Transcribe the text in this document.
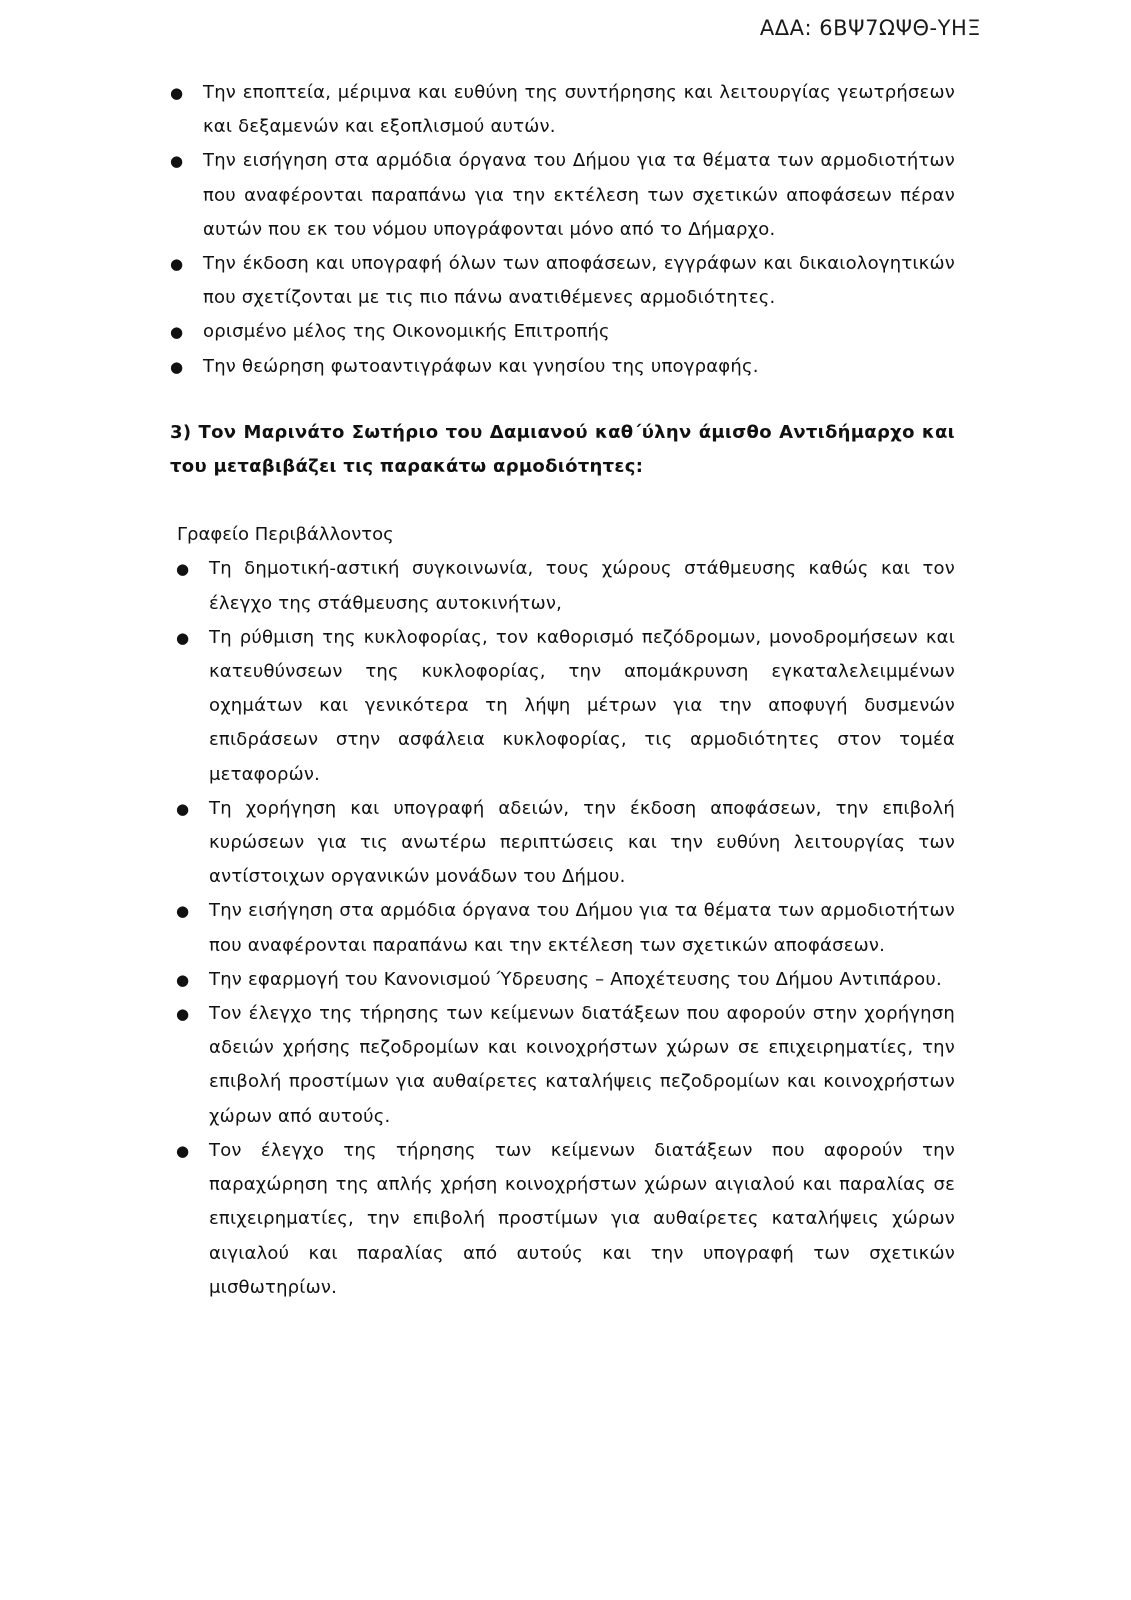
ΑΔΑ: 6ΒΨ7ΩΨΘ-ΥΗΞ
● Την εποπτεία, μέριμνα και ευθύνη της συντήρησης και λειτουργίας γεωτρήσεων και δεξαμενών και εξοπλισμού αυτών.
● Την εισήγηση στα αρμόδια όργανα του Δήμου για τα θέματα των αρμοδιοτήτων που αναφέρονται παραπάνω για την εκτέλεση των σχετικών αποφάσεων πέραν αυτών που εκ του νόμου υπογράφονται μόνο από το Δήμαρχο.
● Την έκδοση και υπογραφή όλων των αποφάσεων, εγγράφων και δικαιολογητικών που σχετίζονται με τις πιο πάνω ανατιθέμενες αρμοδιότητες.
● ορισμένο μέλος της Οικονομικής Επιτροπής
● Την θεώρηση φωτοαντιγράφων και γνησίου της υπογραφής.
3) Τον Μαρινάτο Σωτήριο του Δαμιανού καθ΄ύλην άμισθο Αντιδήμαρχο και του μεταβιβάζει τις παρακάτω αρμοδιότητες:
Γραφείο Περιβάλλοντος
● Τη δημοτική-αστική συγκοινωνία, τους χώρους στάθμευσης καθώς και τον έλεγχο της στάθμευσης αυτοκινήτων,
● Τη ρύθμιση της κυκλοφορίας, τον καθορισμό πεζόδρομων, μονοδρομήσεων και κατευθύνσεων της κυκλοφορίας, την απομάκρυνση εγκαταλελειμμένων οχημάτων και γενικότερα τη λήψη μέτρων για την αποφυγή δυσμενών επιδράσεων στην ασφάλεια κυκλοφορίας, τις αρμοδιότητες στον τομέα μεταφορών.
● Τη χορήγηση και υπογραφή αδειών, την έκδοση αποφάσεων, την επιβολή κυρώσεων για τις ανωτέρω περιπτώσεις και την ευθύνη λειτουργίας των αντίστοιχων οργανικών μονάδων του Δήμου.
● Την εισήγηση στα αρμόδια όργανα του Δήμου για τα θέματα των αρμοδιοτήτων που αναφέρονται παραπάνω και την εκτέλεση των σχετικών αποφάσεων.
● Την εφαρμογή του Κανονισμού Ύδρευσης – Αποχέτευσης του Δήμου Αντιπάρου.
● Τον έλεγχο της τήρησης των κείμενων διατάξεων που αφορούν στην χορήγηση αδειών χρήσης πεζοδρομίων και κοινοχρήστων χώρων σε επιχειρηματίες, την επιβολή προστίμων για αυθαίρετες καταλήψεις πεζοδρομίων και κοινοχρήστων χώρων από αυτούς.
● Τον έλεγχο της τήρησης των κείμενων διατάξεων που αφορούν την παραχώρηση της απλής χρήση κοινοχρήστων χώρων αιγιαλού και παραλίας σε επιχειρηματίες, την επιβολή προστίμων για αυθαίρετες καταλήψεις χώρων αιγιαλού και παραλίας από αυτούς και την υπογραφή των σχετικών μισθωτηρίων.
